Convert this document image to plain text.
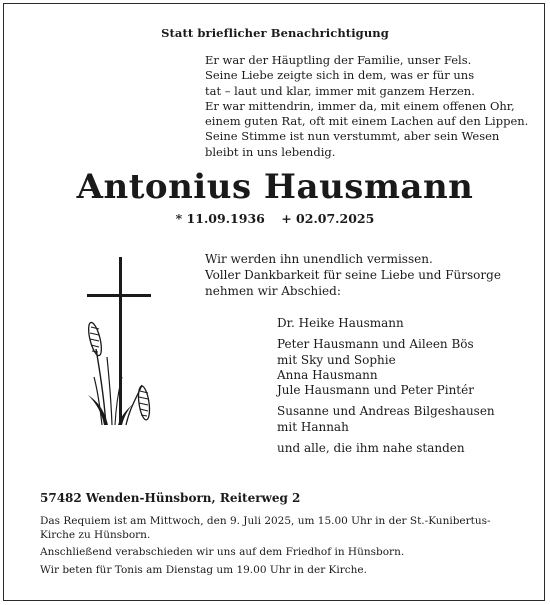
Statt brieflicher Benachrichtigung
Er war der Häuptling der Familie, unser Fels.
Seine Liebe zeigte sich in dem, was er für uns
tat – laut und klar, immer mit ganzem Herzen.
Er war mittendrin, immer da, mit einem offenen Ohr,
einem guten Rat, oft mit einem Lachen auf den Lippen.
Seine Stimme ist nun verstummt, aber sein Wesen
bleibt in uns lebendig.
Antonius Hausmann
* 11.09.1936 + 02.07.2025
Wir werden ihn unendlich vermissen.
Voller Dankbarkeit für seine Liebe und Fürsorge
nehmen wir Abschied:
Dr. Heike Hausmann
Peter Hausmann und Aileen Bös
mit Sky und Sophie
Anna Hausmann
Jule Hausmann und Peter Pintér
Susanne und Andreas Bilgeshausen
mit Hannah
und alle, die ihm nahe standen
57482 Wenden-Hünsborn, Reiterweg 2
Das Requiem ist am Mittwoch, den 9. Juli 2025, um 15.00 Uhr in der St.-Kunibertus-Kirche zu Hünsborn.
Anschließend verabschieden wir uns auf dem Friedhof in Hünsborn.
Wir beten für Tonis am Dienstag um 19.00 Uhr in der Kirche.
